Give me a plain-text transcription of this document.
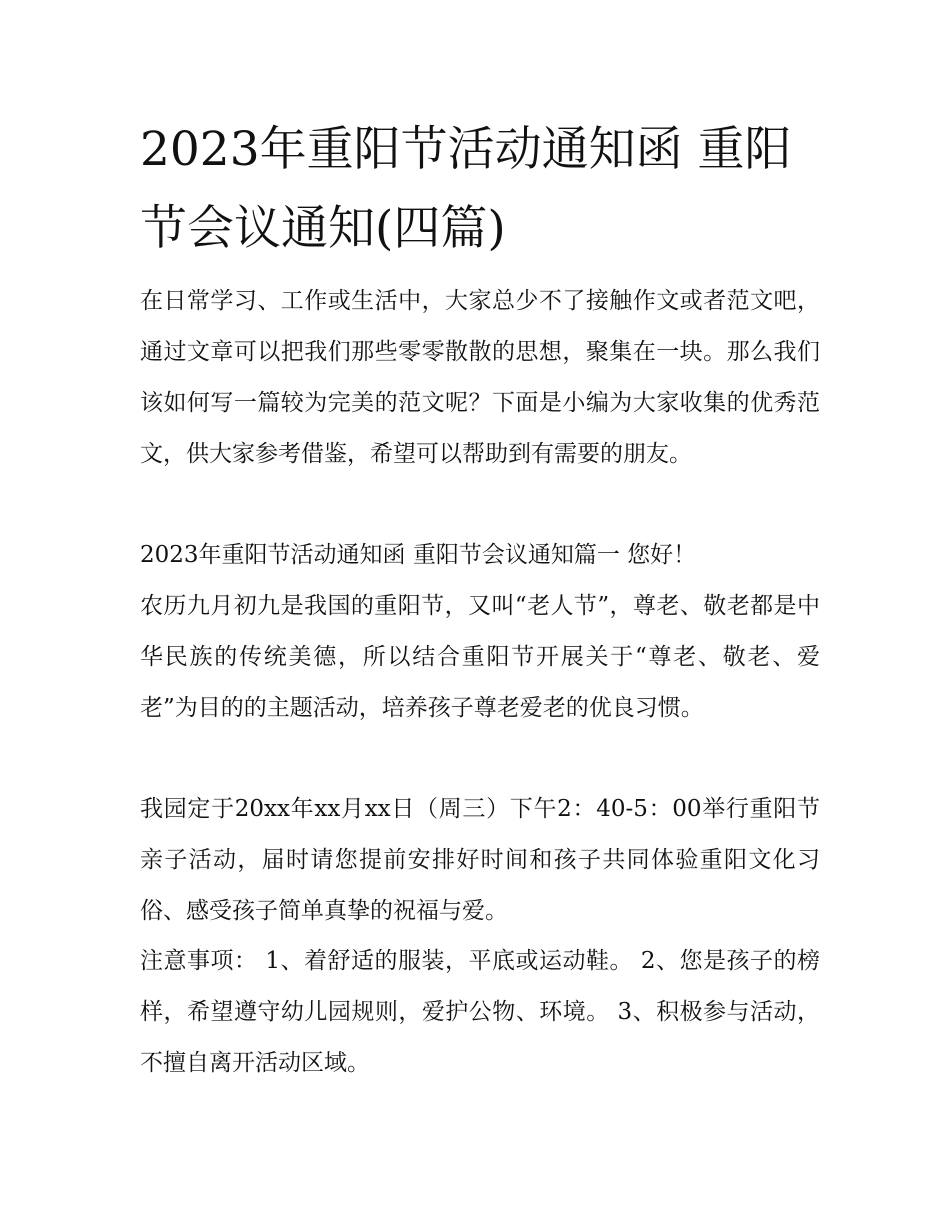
2023年重阳节活动通知函 重阳节会议通知(四篇)

在日常学习、工作或生活中，大家总少不了接触作文或者范文吧，通过文章可以把我们那些零零散散的思想，聚集在一块。那么我们该如何写一篇较为完美的范文呢？下面是小编为大家收集的优秀范文，供大家参考借鉴，希望可以帮助到有需要的朋友。

2023年重阳节活动通知函 重阳节会议通知篇一 您好！

农历九月初九是我国的重阳节，又叫“老人节”，尊老、敬老都是中华民族的传统美德，所以结合重阳节开展关于“尊老、敬老、爱老”为目的的主题活动，培养孩子尊老爱老的优良习惯。

我园定于20xx年xx月xx日（周三）下午2：40-5：00举行重阳节亲子活动，届时请您提前安排好时间和孩子共同体验重阳文化习俗、感受孩子简单真挚的祝福与爱。

注意事项： 1、着舒适的服装，平底或运动鞋。 2、您是孩子的榜样，希望遵守幼儿园规则，爱护公物、环境。 3、积极参与活动，不擅自离开活动区域。
